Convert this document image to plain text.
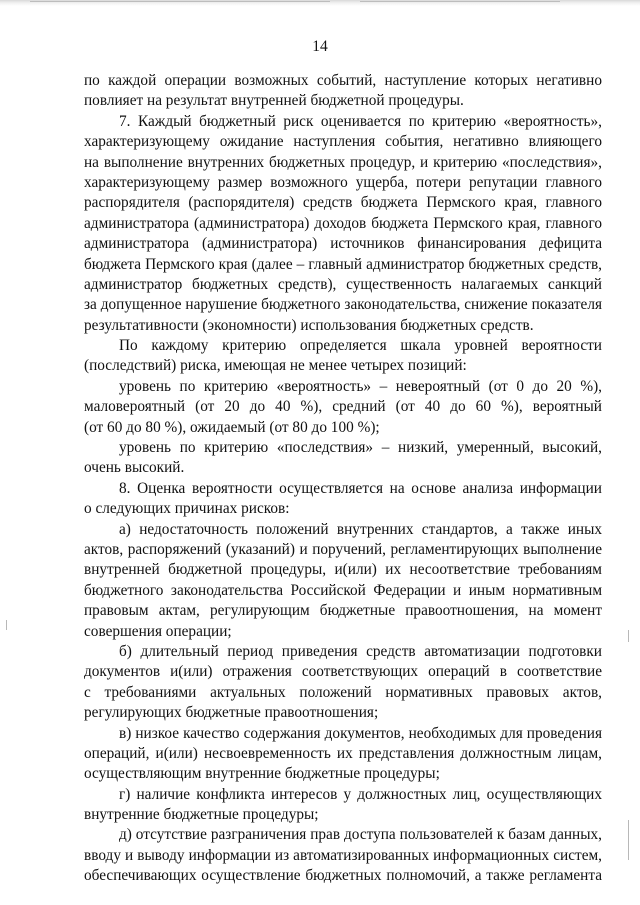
14
по каждой операции возможных событий, наступление которых негативно
повлияет на результат внутренней бюджетной процедуры.
7. Каждый бюджетный риск оценивается по критерию «вероятность»,
характеризующему ожидание наступления события, негативно влияющего
на выполнение внутренних бюджетных процедур, и критерию «последствия»,
характеризующему размер возможного ущерба, потери репутации главного
распорядителя (распорядителя) средств бюджета Пермского края, главного
администратора (администратора) доходов бюджета Пермского края, главного
администратора (администратора) источников финансирования дефицита
бюджета Пермского края (далее – главный администратор бюджетных средств,
администратор бюджетных средств), существенность налагаемых санкций
за допущенное нарушение бюджетного законодательства, снижение показателя
результативности (экономности) использования бюджетных средств.
По каждому критерию определяется шкала уровней вероятности
(последствий) риска, имеющая не менее четырех позиций:
уровень по критерию «вероятность» – невероятный (от 0 до 20 %),
маловероятный (от 20 до 40 %), средний (от 40 до 60 %), вероятный
(от 60 до 80 %), ожидаемый (от 80 до 100 %);
уровень по критерию «последствия» – низкий, умеренный, высокий,
очень высокий.
8. Оценка вероятности осуществляется на основе анализа информации
о следующих причинах рисков:
а) недостаточность положений внутренних стандартов, а также иных
актов, распоряжений (указаний) и поручений, регламентирующих выполнение
внутренней бюджетной процедуры, и(или) их несоответствие требованиям
бюджетного законодательства Российской Федерации и иным нормативным
правовым актам, регулирующим бюджетные правоотношения, на момент
совершения операции;
б) длительный период приведения средств автоматизации подготовки
документов и(или) отражения соответствующих операций в соответствие
с требованиями актуальных положений нормативных правовых актов,
регулирующих бюджетные правоотношения;
в) низкое качество содержания документов, необходимых для проведения
операций, и(или) несвоевременность их представления должностным лицам,
осуществляющим внутренние бюджетные процедуры;
г) наличие конфликта интересов у должностных лиц, осуществляющих
внутренние бюджетные процедуры;
д) отсутствие разграничения прав доступа пользователей к базам данных,
вводу и выводу информации из автоматизированных информационных систем,
обеспечивающих осуществление бюджетных полномочий, а также регламента
